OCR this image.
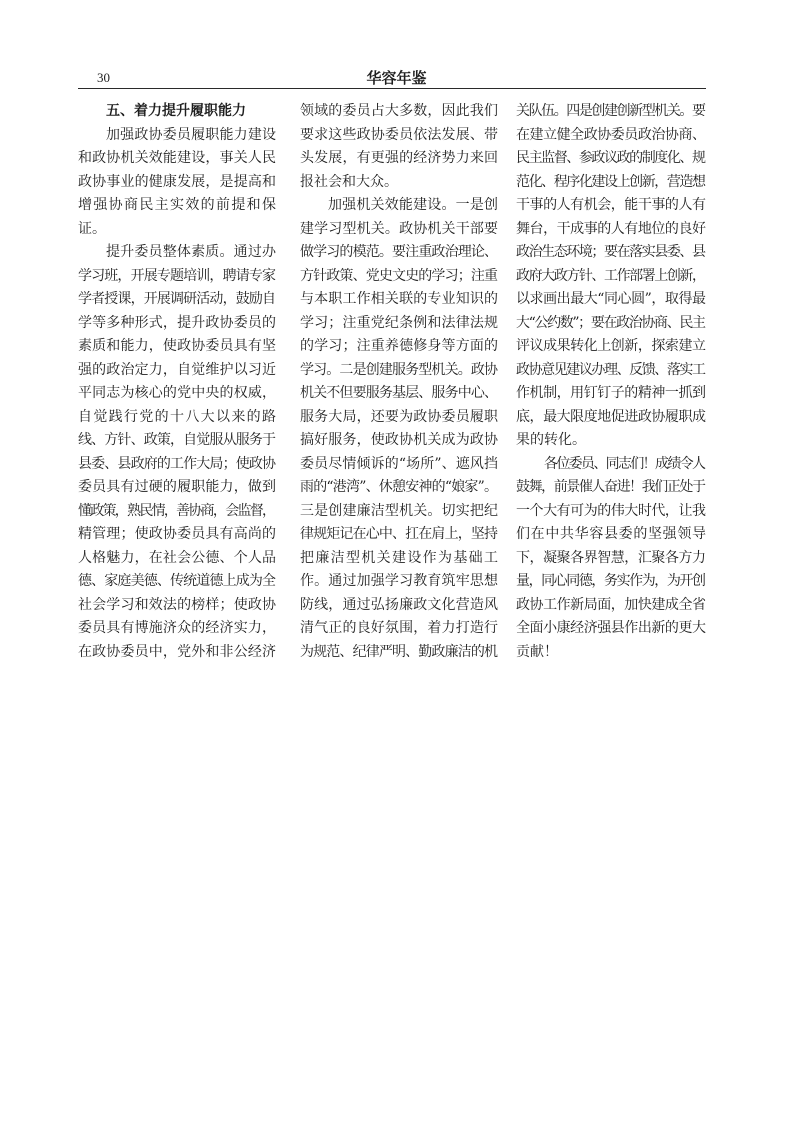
30	华容年鉴
五、着力提升履职能力
加强政协委员履职能力建设
和政协机关效能建设，事关人民
政协事业的健康发展，是提高和
增强协商民主实效的前提和保
证。
提升委员整体素质。通过办
学习班，开展专题培训，聘请专家
学者授课，开展调研活动，鼓励自
学等多种形式，提升政协委员的
素质和能力，使政协委员具有坚
强的政治定力，自觉维护以习近
平同志为核心的党中央的权威，
自觉践行党的十八大以来的路
线、方针、政策，自觉服从服务于
县委、县政府的工作大局；使政协
委员具有过硬的履职能力，做到
懂政策，熟民情，善协商，会监督，
精管理；使政协委员具有高尚的
人格魅力，在社会公德、个人品
德、家庭美德、传统道德上成为全
社会学习和效法的榜样；使政协
委员具有博施济众的经济实力，
在政协委员中，党外和非公经济
领域的委员占大多数，因此我们
要求这些政协委员依法发展、带
头发展，有更强的经济势力来回
报社会和大众。
加强机关效能建设。一是创
建学习型机关。政协机关干部要
做学习的模范。要注重政治理论、
方针政策、党史文史的学习；注重
与本职工作相关联的专业知识的
学习；注重党纪条例和法律法规
的学习；注重养德修身等方面的
学习。二是创建服务型机关。政协
机关不但要服务基层、服务中心、
服务大局，还要为政协委员履职
搞好服务，使政协机关成为政协
委员尽情倾诉的“场所”、遮风挡
雨的“港湾”、休憩安神的“娘家”。
三是创建廉洁型机关。切实把纪
律规矩记在心中、扛在肩上，坚持
把廉洁型机关建设作为基础工
作。通过加强学习教育筑牢思想
防线，通过弘扬廉政文化营造风
清气正的良好氛围，着力打造行
为规范、纪律严明、勤政廉洁的机
关队伍。四是创建创新型机关。要
在建立健全政协委员政治协商、
民主监督、参政议政的制度化、规
范化、程序化建设上创新，营造想
干事的人有机会，能干事的人有
舞台，干成事的人有地位的良好
政治生态环境；要在落实县委、县
政府大政方针、工作部署上创新，
以求画出最大“同心圆”，取得最
大“公约数”；要在政治协商、民主
评议成果转化上创新，探索建立
政协意见建议办理、反馈、落实工
作机制，用钉钉子的精神一抓到
底，最大限度地促进政协履职成
果的转化。
各位委员、同志们！成绩令人
鼓舞，前景催人奋进！我们正处于
一个大有可为的伟大时代，让我
们在中共华容县委的坚强领导
下，凝聚各界智慧，汇聚各方力
量，同心同德，务实作为，为开创
政协工作新局面，加快建成全省
全面小康经济强县作出新的更大
贡献！
